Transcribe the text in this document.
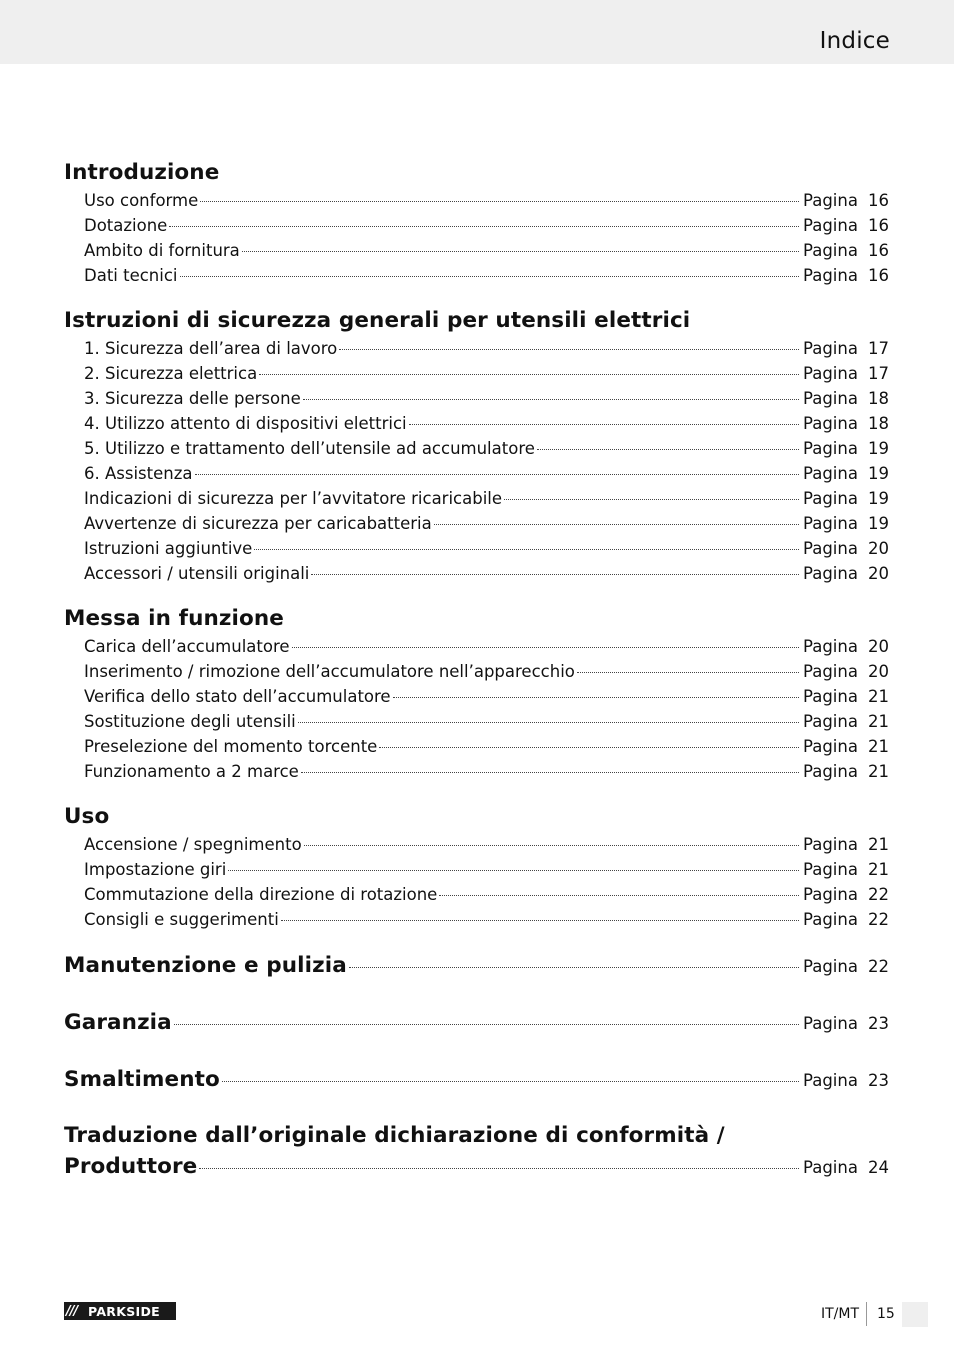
Indice
Introduzione
Uso conforme	Pagina 16
Dotazione	Pagina 16
Ambito di fornitura	Pagina 16
Dati tecnici	Pagina 16
Istruzioni di sicurezza generali per utensili elettrici
1. Sicurezza dell’area di lavoro	Pagina 17
2. Sicurezza elettrica	Pagina 17
3. Sicurezza delle persone	Pagina 18
4. Utilizzo attento di dispositivi elettrici	Pagina 18
5. Utilizzo e trattamento dell’utensile ad accumulatore	Pagina 19
6. Assistenza	Pagina 19
Indicazioni di sicurezza per l’avvitatore ricaricabile	Pagina 19
Avvertenze di sicurezza per caricabatteria	Pagina 19
Istruzioni aggiuntive	Pagina 20
Accessori / utensili originali	Pagina 20
Messa in funzione
Carica dell’accumulatore	Pagina 20
Inserimento / rimozione dell’accumulatore nell’apparecchio	Pagina 20
Verifica dello stato dell’accumulatore	Pagina 21
Sostituzione degli utensili	Pagina 21
Preselezione del momento torcente	Pagina 21
Funzionamento a 2 marce	Pagina 21
Uso
Accensione / spegnimento	Pagina 21
Impostazione giri	Pagina 21
Commutazione della direzione di rotazione	Pagina 22
Consigli e suggerimenti	Pagina 22
Manutenzione e pulizia	Pagina 22
Garanzia	Pagina 23
Smaltimento	Pagina 23
Traduzione dall’originale dichiarazione di conformità /
Produttore	Pagina 24
/// PARKSIDE	IT/MT 15
